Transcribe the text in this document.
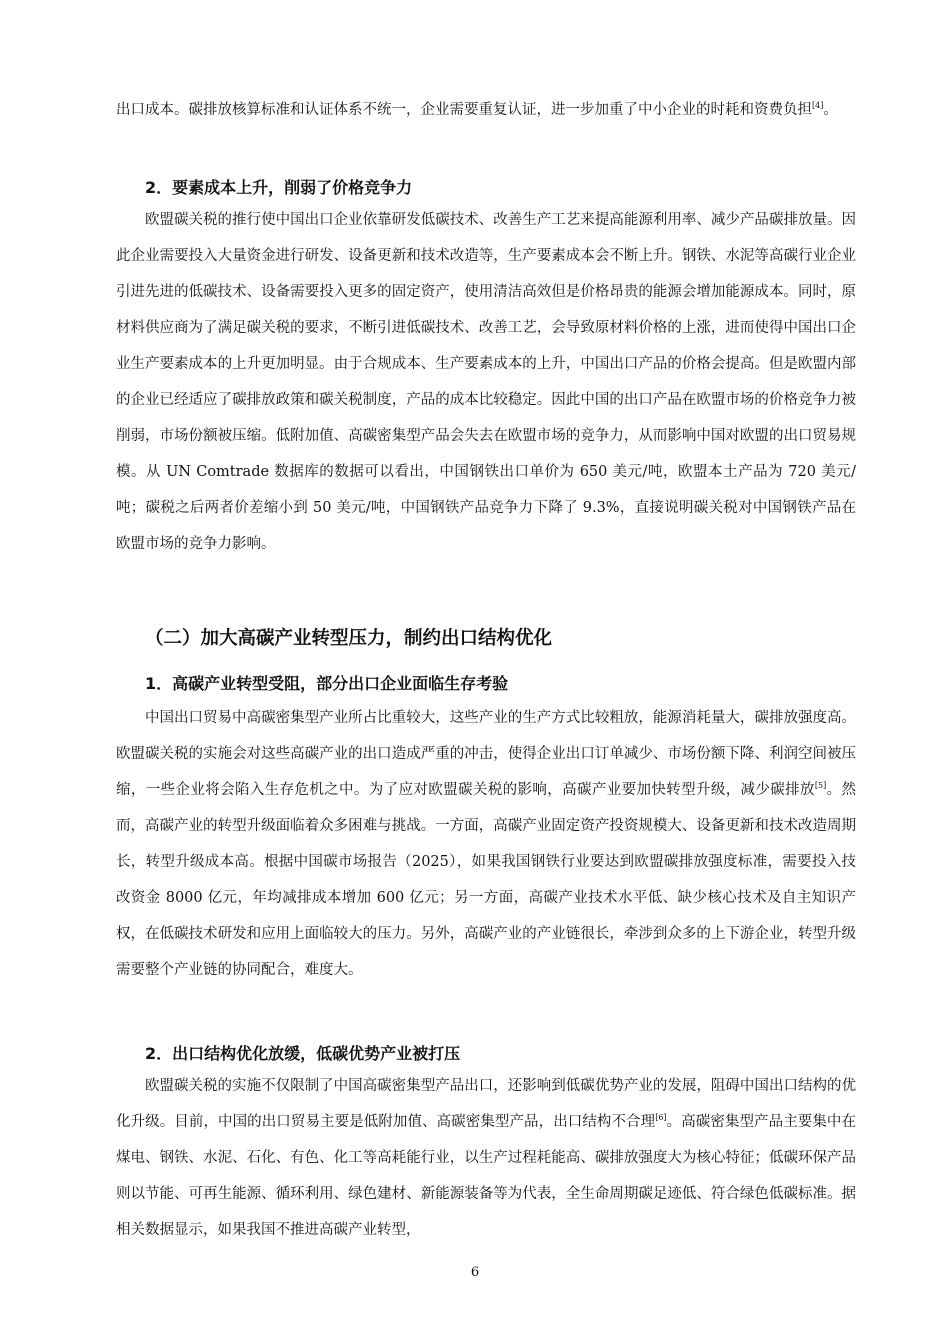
出口成本。碳排放核算标准和认证体系不统一，企业需要重复认证，进一步加重了中小企业的时耗和资费负担[4]。

2．要素成本上升，削弱了价格竞争力

欧盟碳关税的推行使中国出口企业依靠研发低碳技术、改善生产工艺来提高能源利用率、减少产品碳排放量。因此企业需要投入大量资金进行研发、设备更新和技术改造等，生产要素成本会不断上升。钢铁、水泥等高碳行业企业引进先进的低碳技术、设备需要投入更多的固定资产，使用清洁高效但是价格昂贵的能源会增加能源成本。同时，原材料供应商为了满足碳关税的要求，不断引进低碳技术、改善工艺，会导致原材料价格的上涨，进而使得中国出口企业生产要素成本的上升更加明显。由于合规成本、生产要素成本的上升，中国出口产品的价格会提高。但是欧盟内部的企业已经适应了碳排放政策和碳关税制度，产品的成本比较稳定。因此中国的出口产品在欧盟市场的价格竞争力被削弱，市场份额被压缩。低附加值、高碳密集型产品会失去在欧盟市场的竞争力，从而影响中国对欧盟的出口贸易规模。从 UN Comtrade 数据库的数据可以看出，中国钢铁出口单价为 650 美元/吨，欧盟本土产品为 720 美元/吨；碳税之后两者价差缩小到 50 美元/吨，中国钢铁产品竞争力下降了 9.3%，直接说明碳关税对中国钢铁产品在欧盟市场的竞争力影响。

（二）加大高碳产业转型压力，制约出口结构优化
1．高碳产业转型受阻，部分出口企业面临生存考验

中国出口贸易中高碳密集型产业所占比重较大，这些产业的生产方式比较粗放，能源消耗量大，碳排放强度高。欧盟碳关税的实施会对这些高碳产业的出口造成严重的冲击，使得企业出口订单减少、市场份额下降、利润空间被压缩，一些企业将会陷入生存危机之中。为了应对欧盟碳关税的影响，高碳产业要加快转型升级，减少碳排放[5]。然而，高碳产业的转型升级面临着众多困难与挑战。一方面，高碳产业固定资产投资规模大、设备更新和技术改造周期长，转型升级成本高。根据中国碳市场报告（2025），如果我国钢铁行业要达到欧盟碳排放强度标准，需要投入技改资金 8000 亿元，年均减排成本增加 600 亿元；另一方面，高碳产业技术水平低、缺少核心技术及自主知识产权，在低碳技术研发和应用上面临较大的压力。另外，高碳产业的产业链很长，牵涉到众多的上下游企业，转型升级需要整个产业链的协同配合，难度大。

2．出口结构优化放缓，低碳优势产业被打压

欧盟碳关税的实施不仅限制了中国高碳密集型产品出口，还影响到低碳优势产业的发展，阻碍中国出口结构的优化升级。目前，中国的出口贸易主要是低附加值、高碳密集型产品，出口结构不合理[6]。高碳密集型产品主要集中在煤电、钢铁、水泥、石化、有色、化工等高耗能行业，以生产过程耗能高、碳排放强度大为核心特征；低碳环保产品则以节能、可再生能源、循环利用、绿色建材、新能源装备等为代表，全生命周期碳足迹低、符合绿色低碳标准。据相关数据显示，如果我国不推进高碳产业转型，

6
